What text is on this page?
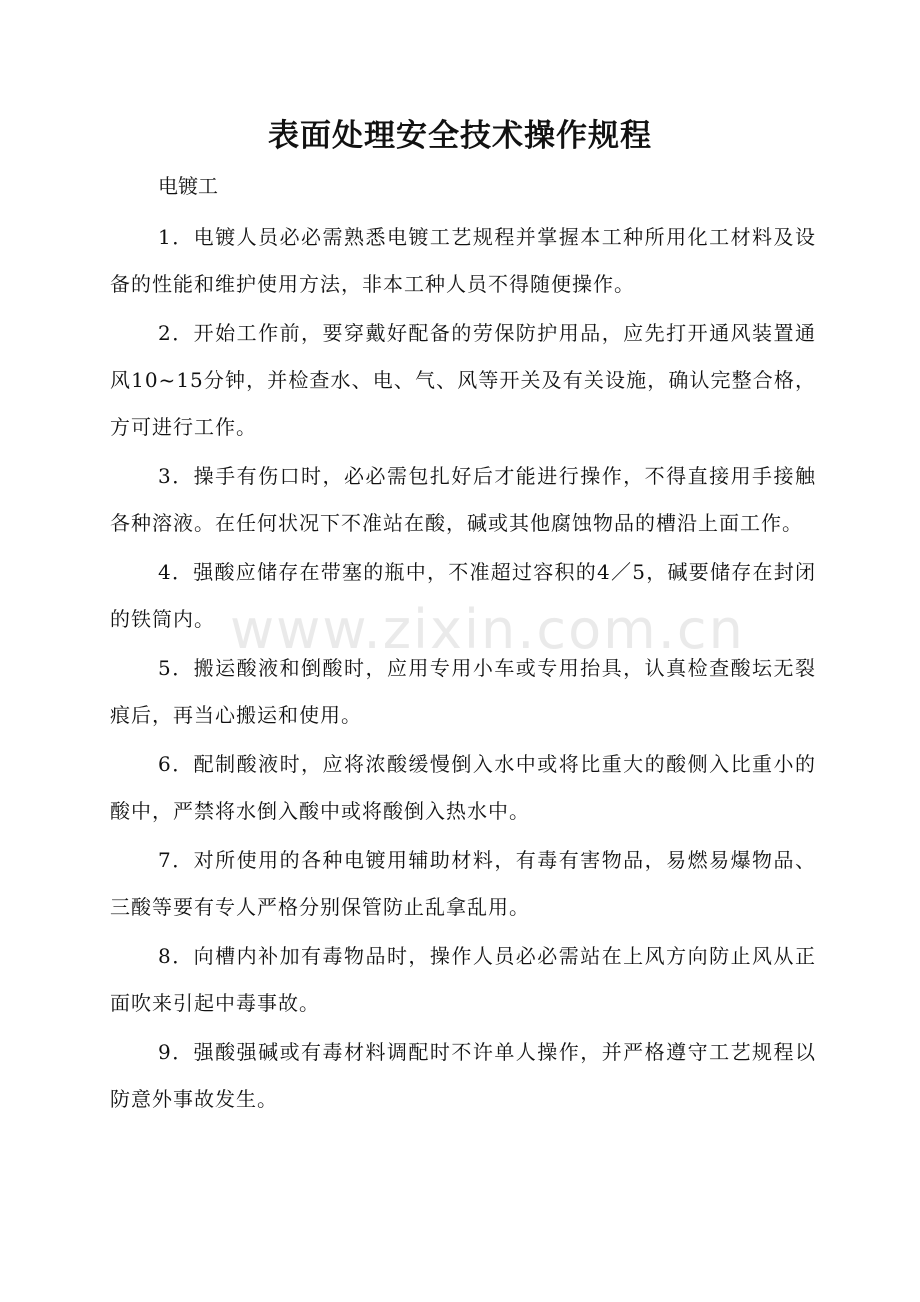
表面处理安全技术操作规程
电镀工

1．电镀人员必必需熟悉电镀工艺规程并掌握本工种所用化工材料及设备的性能和维护使用方法，非本工种人员不得随便操作。

2．开始工作前，要穿戴好配备的劳保防护用品，应先打开通风装置通风10~15分钟，并检查水、电、气、风等开关及有关设施，确认完整合格，方可进行工作。

3．操手有伤口时，必必需包扎好后才能进行操作，不得直接用手接触各种溶液。在任何状况下不准站在酸，碱或其他腐蚀物品的槽沿上面工作。

4．强酸应储存在带塞的瓶中，不准超过容积的4／5，碱要储存在封闭的铁筒内。

5．搬运酸液和倒酸时，应用专用小车或专用抬具，认真检查酸坛无裂痕后，再当心搬运和使用。

6．配制酸液时，应将浓酸缓慢倒入水中或将比重大的酸侧入比重小的酸中，严禁将水倒入酸中或将酸倒入热水中。

7．对所使用的各种电镀用辅助材料，有毒有害物品，易燃易爆物品、三酸等要有专人严格分别保管防止乱拿乱用。

8．向槽内补加有毒物品时，操作人员必必需站在上风方向防止风从正面吹来引起中毒事故。

9．强酸强碱或有毒材料调配时不许单人操作，并严格遵守工艺规程以防意外事故发生。

www.zixin.com.cn
